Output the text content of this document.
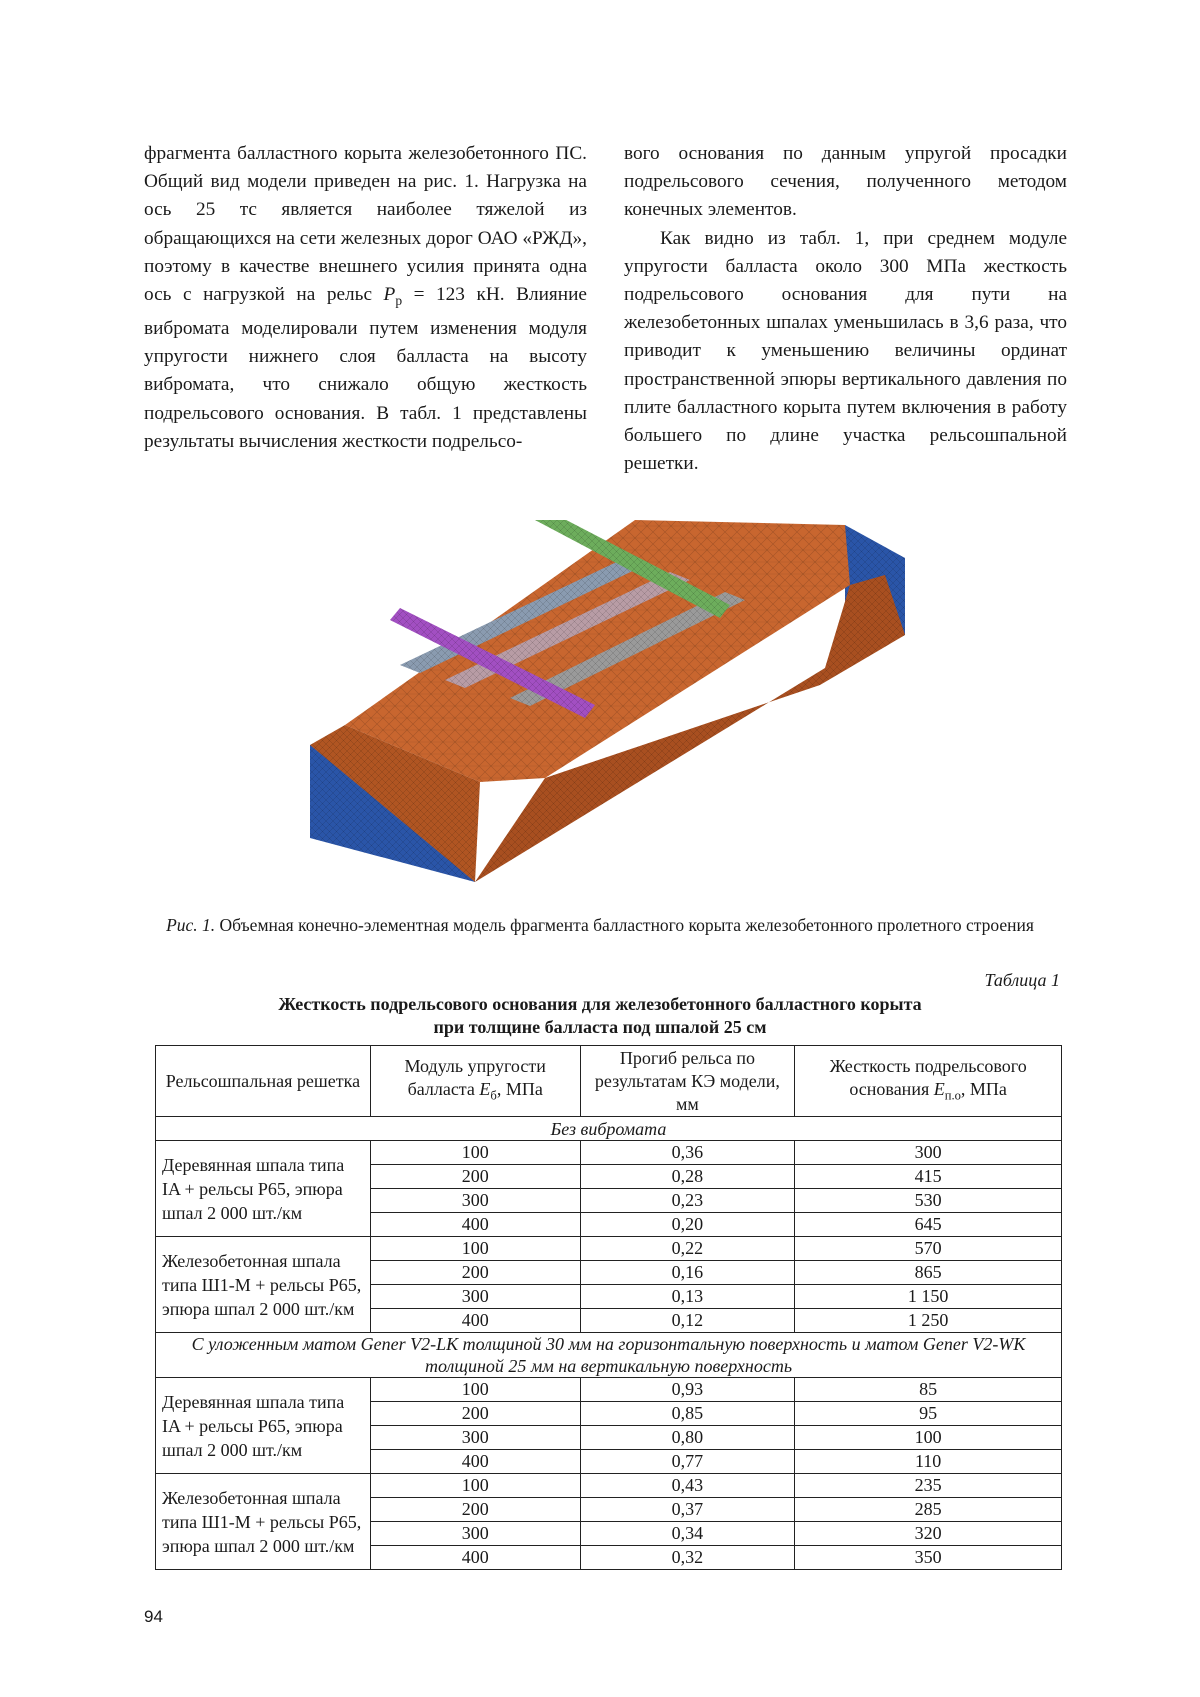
фрагмента балластного корыта железобетонного ПС. Общий вид модели приведен на рис. 1. Нагрузка на ось 25 тс является наиболее тяжелой из обращающихся на сети железных дорог ОАО «РЖД», поэтому в качестве внешнего усилия принята одна ось с нагрузкой на рельс $P_р = 123$ кН. Влияние вибромата моделировали путем изменения модуля упругости нижнего слоя балласта на высоту вибромата, что снижало общую жесткость подрельсового основания. В табл. 1 представлены результаты вычисления жесткости подрельсо-

вого основания по данным упругой просадки подрельсового сечения, полученного методом конечных элементов.

Как видно из табл. 1, при среднем модуле упругости балласта около 300 МПа жесткость подрельсового основания для пути на железобетонных шпалах уменьшилась в 3,6 раза, что приводит к уменьшению величины ординат пространственной эпюры вертикального давления по плите балластного корыта путем включения в работу большего по длине участка рельсошпальной решетки.

Рис. 1. Объемная конечно-элементная модель фрагмента балластного корыта железобетонного пролетного строения
Таблица 1
Жесткость подрельсового основания для железобетонного балластного корыта
при толщине балласта под шпалой 25 см
Рельсошпальная решетка	Модуль упругости балласта $E_б$, МПа	Прогиб рельса по результатам КЭ модели, мм	Жесткость подрельсового основания $E_{п.о}$, МПа
Без вибромата			
Деревянная шпала типа IA + рельсы Р65, эпюра шпал 2 000 шт./км	100	0,36	300
	200	0,28	415
	300	0,23	530
	400	0,20	645
Железобетонная шпала типа Ш1-М + рельсы Р65, эпюра шпал 2 000 шт./км	100	0,22	570
	200	0,16	865
	300	0,13	1 150
	400	0,12	1 250
С уложенным матом Gener V2-LK толщиной 30 мм на горизонтальную поверхность и матом Gener V2-WK толщиной 25 мм на вертикальную поверхность			
Деревянная шпала типа IA + рельсы Р65, эпюра шпал 2 000 шт./км	100	0,93	85
	200	0,85	95
	300	0,80	100
	400	0,77	110
Железобетонная шпала типа Ш1-М + рельсы Р65, эпюра шпал 2 000 шт./км	100	0,43	235
	200	0,37	285
	300	0,34	320
	400	0,32	350
94
